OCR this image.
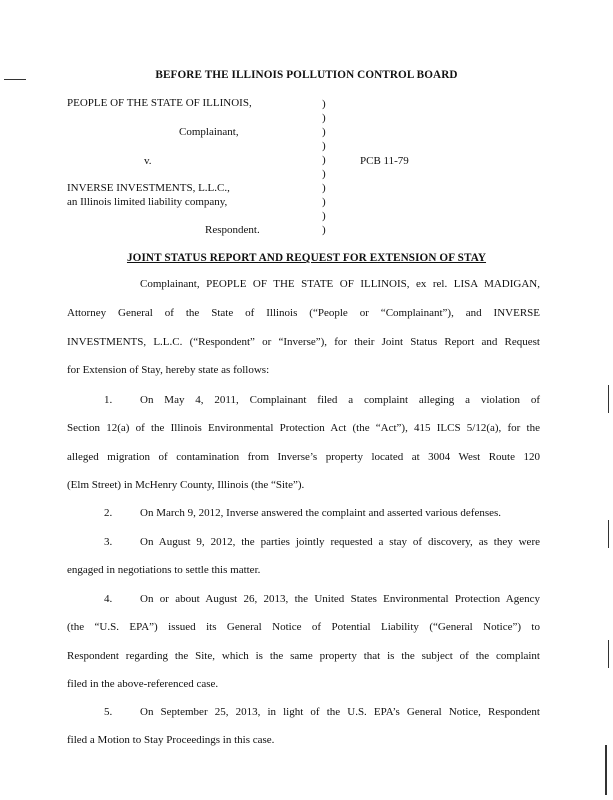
BEFORE THE ILLINOIS POLLUTION CONTROL BOARD
PEOPLE OF THE STATE OF ILLINOIS,
Complainant,
v.	PCB 11-79
INVERSE INVESTMENTS, L.L.C.,
an Illinois limited liability company,
Respondent.
)
)
)
)
)
)
)
)
)
)
JOINT STATUS REPORT AND REQUEST FOR EXTENSION OF STAY
Complainant, PEOPLE OF THE STATE OF ILLINOIS, ex rel. LISA MADIGAN,
Attorney General of the State of Illinois (“People or “Complainant”), and INVERSE
INVESTMENTS, L.L.C. (“Respondent” or “Inverse”), for their Joint Status Report and Request
for Extension of Stay, hereby state as follows:
1.	On May 4, 2011, Complainant filed a complaint alleging a violation of
Section 12(a) of the Illinois Environmental Protection Act (the “Act”), 415 ILCS 5/12(a), for the
alleged migration of contamination from Inverse’s property located at 3004 West Route 120
(Elm Street) in McHenry County, Illinois (the “Site”).
2.	On March 9, 2012, Inverse answered the complaint and asserted various defenses.
3.	On August 9, 2012, the parties jointly requested a stay of discovery, as they were
engaged in negotiations to settle this matter.
4.	On or about August 26, 2013, the United States Environmental Protection Agency
(the “U.S. EPA”) issued its General Notice of Potential Liability (“General Notice”) to
Respondent regarding the Site, which is the same property that is the subject of the complaint
filed in the above-referenced case.
5.	On September 25, 2013, in light of the U.S. EPA’s General Notice, Respondent
filed a Motion to Stay Proceedings in this case.
